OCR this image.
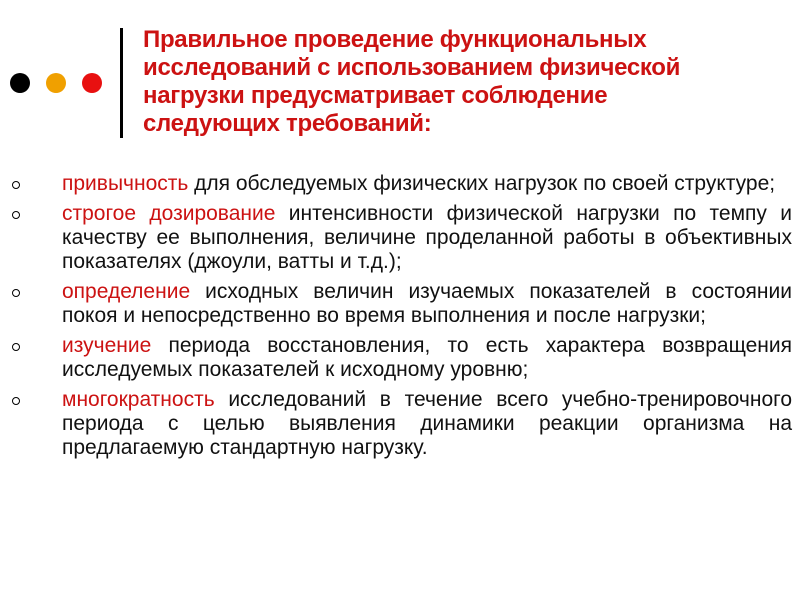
Правильное проведение функциональных
исследований с использованием физической
нагрузки предусматривает соблюдение
следующих требований:
привычность для обследуемых физических нагрузок по своей структуре;
строгое дозирование интенсивности физической нагрузки по темпу и качеству ее выполнения, величине проделанной работы в объективных показателях (джоули, ватты и т.д.);
определение исходных величин изучаемых показателей в состоянии покоя и непосредственно во время выполнения и после нагрузки;
изучение периода восстановления, то есть характера возвращения исследуемых показателей к исходному уровню;
многократность исследований в течение всего учебно-тренировочного периода с целью выявления динамики реакции организма на предлагаемую стандартную нагрузку.
